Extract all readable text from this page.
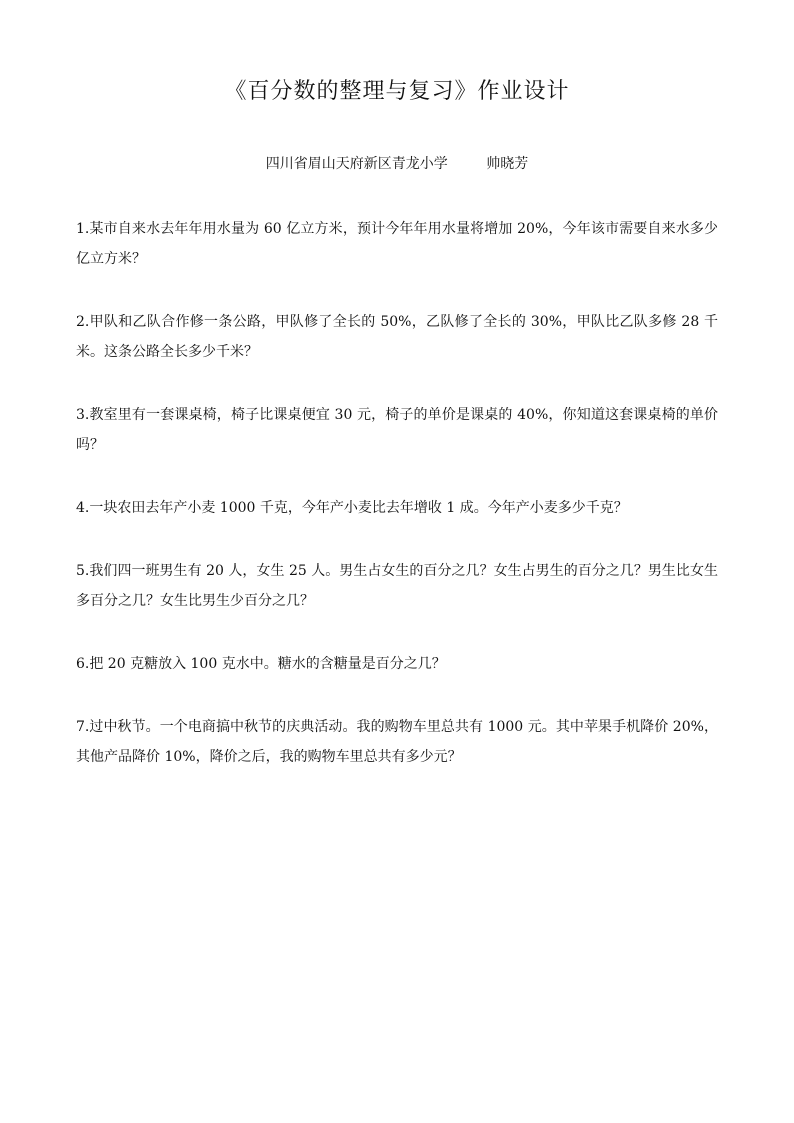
《百分数的整理与复习》作业设计
四川省眉山天府新区青龙小学	帅晓芳

1.某市自来水去年年用水量为 60 亿立方米，预计今年年用水量将增加 20%，今年该市需要自来水多少亿立方米？

2.甲队和乙队合作修一条公路，甲队修了全长的 50%，乙队修了全长的 30%，甲队比乙队多修 28 千米。这条公路全长多少千米？

3.教室里有一套课桌椅，椅子比课桌便宜 30 元，椅子的单价是课桌的 40%，你知道这套课桌椅的单价吗？

4.一块农田去年产小麦 1000 千克，今年产小麦比去年增收 1 成。今年产小麦多少千克？

5.我们四一班男生有 20 人，女生 25 人。男生占女生的百分之几？女生占男生的百分之几？男生比女生多百分之几？女生比男生少百分之几？

6.把 20 克糖放入 100 克水中。糖水的含糖量是百分之几？

7.过中秋节。一个电商搞中秋节的庆典活动。我的购物车里总共有 1000 元。其中苹果手机降价 20%，其他产品降价 10%，降价之后，我的购物车里总共有多少元？
